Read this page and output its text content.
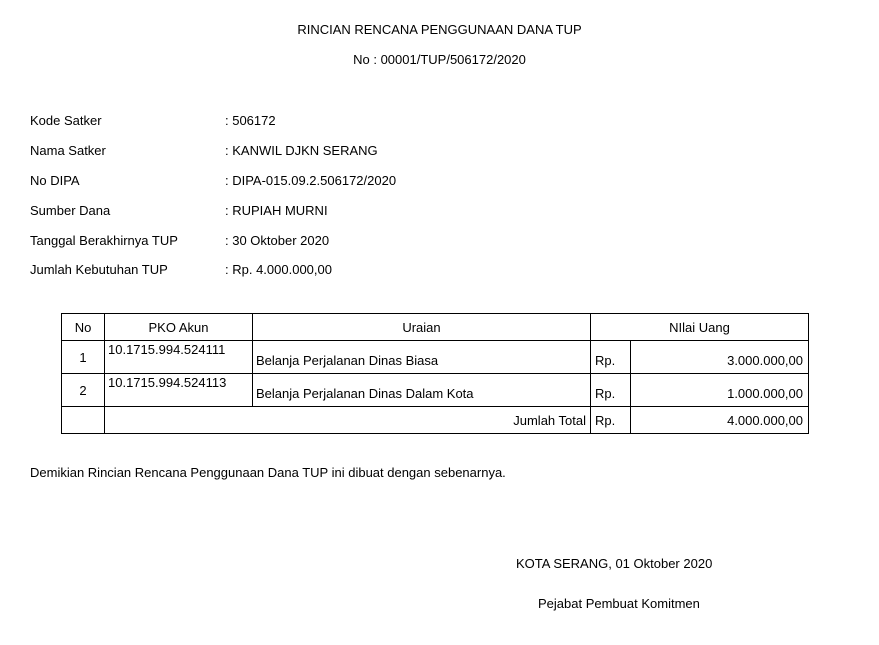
RINCIAN RENCANA PENGGUNAAN DANA TUP
No : 00001/TUP/506172/2020
Kode Satker	: 506172
Nama Satker	: KANWIL DJKN SERANG
No DIPA	: DIPA-015.09.2.506172/2020
Sumber Dana	: RUPIAH MURNI
Tanggal Berakhirnya TUP	: 30 Oktober 2020
Jumlah Kebutuhan TUP	: Rp. 4.000.000,00
No	PKO Akun	Uraian	NIlai Uang	
1	10.1715.994.524111	Belanja Perjalanan Dinas Biasa	Rp.	3.000.000,00
2	10.1715.994.524113	Belanja Perjalanan Dinas Dalam Kota	Rp.	1.000.000,00
	Jumlah Total		Rp.	4.000.000,00
Demikian Rincian Rencana Penggunaan Dana TUP ini dibuat dengan sebenarnya.
KOTA SERANG, 01 Oktober 2020
Pejabat Pembuat Komitmen
